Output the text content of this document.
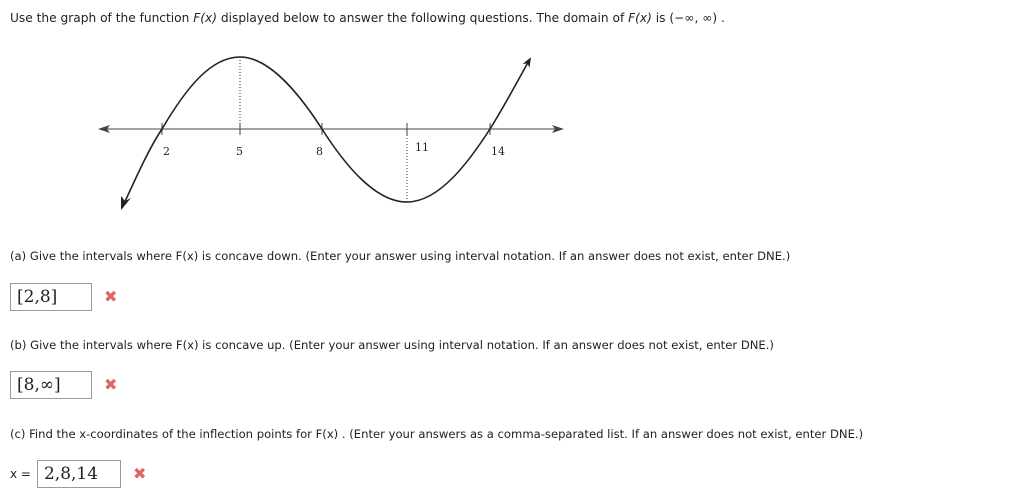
Use the graph of the function F(x) displayed below to answer the following questions. The domain of F(x) is (−∞, ∞) .
2	5	8	11	14
(a) Give the intervals where F(x) is concave down. (Enter your answer using interval notation. If an answer does not exist, enter DNE.)
[2,8]	✖
(b) Give the intervals where F(x) is concave up. (Enter your answer using interval notation. If an answer does not exist, enter DNE.)
[8,∞]	✖
(c) Find the x-coordinates of the inflection points for F(x) . (Enter your answers as a comma-separated list. If an answer does not exist, enter DNE.)
x = 2,8,14	✖
